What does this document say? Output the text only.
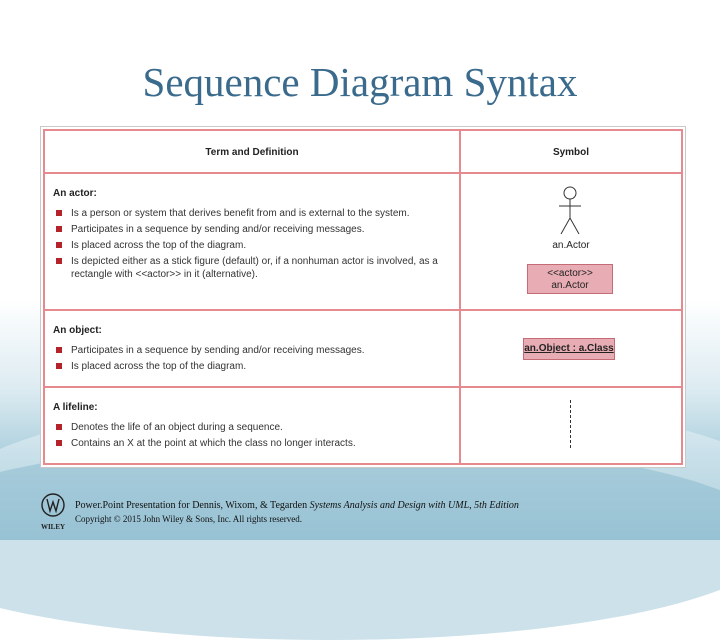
Sequence Diagram Syntax
Term and Definition	Symbol
An actor:
Is a person or system that derives benefit from and is external to the system.
Participates in a sequence by sending and/or receiving messages.
Is placed across the top of the diagram.
Is depicted either as a stick figure (default) or, if a nonhuman actor is involved, as a rectangle with <<actor>> in it (alternative).
an.Actor
<<actor>>
an.Actor
An object:
Participates in a sequence by sending and/or receiving messages.
Is placed across the top of the diagram.
an.Object : a.Class
A lifeline:
Denotes the life of an object during a sequence.
Contains an X at the point at which the class no longer interacts.
WILEY
Power.Point Presentation for Dennis, Wixom, & Tegarden Systems Analysis and Design with UML, 5th Edition
Copyright © 2015 John Wiley & Sons, Inc. All rights reserved.
